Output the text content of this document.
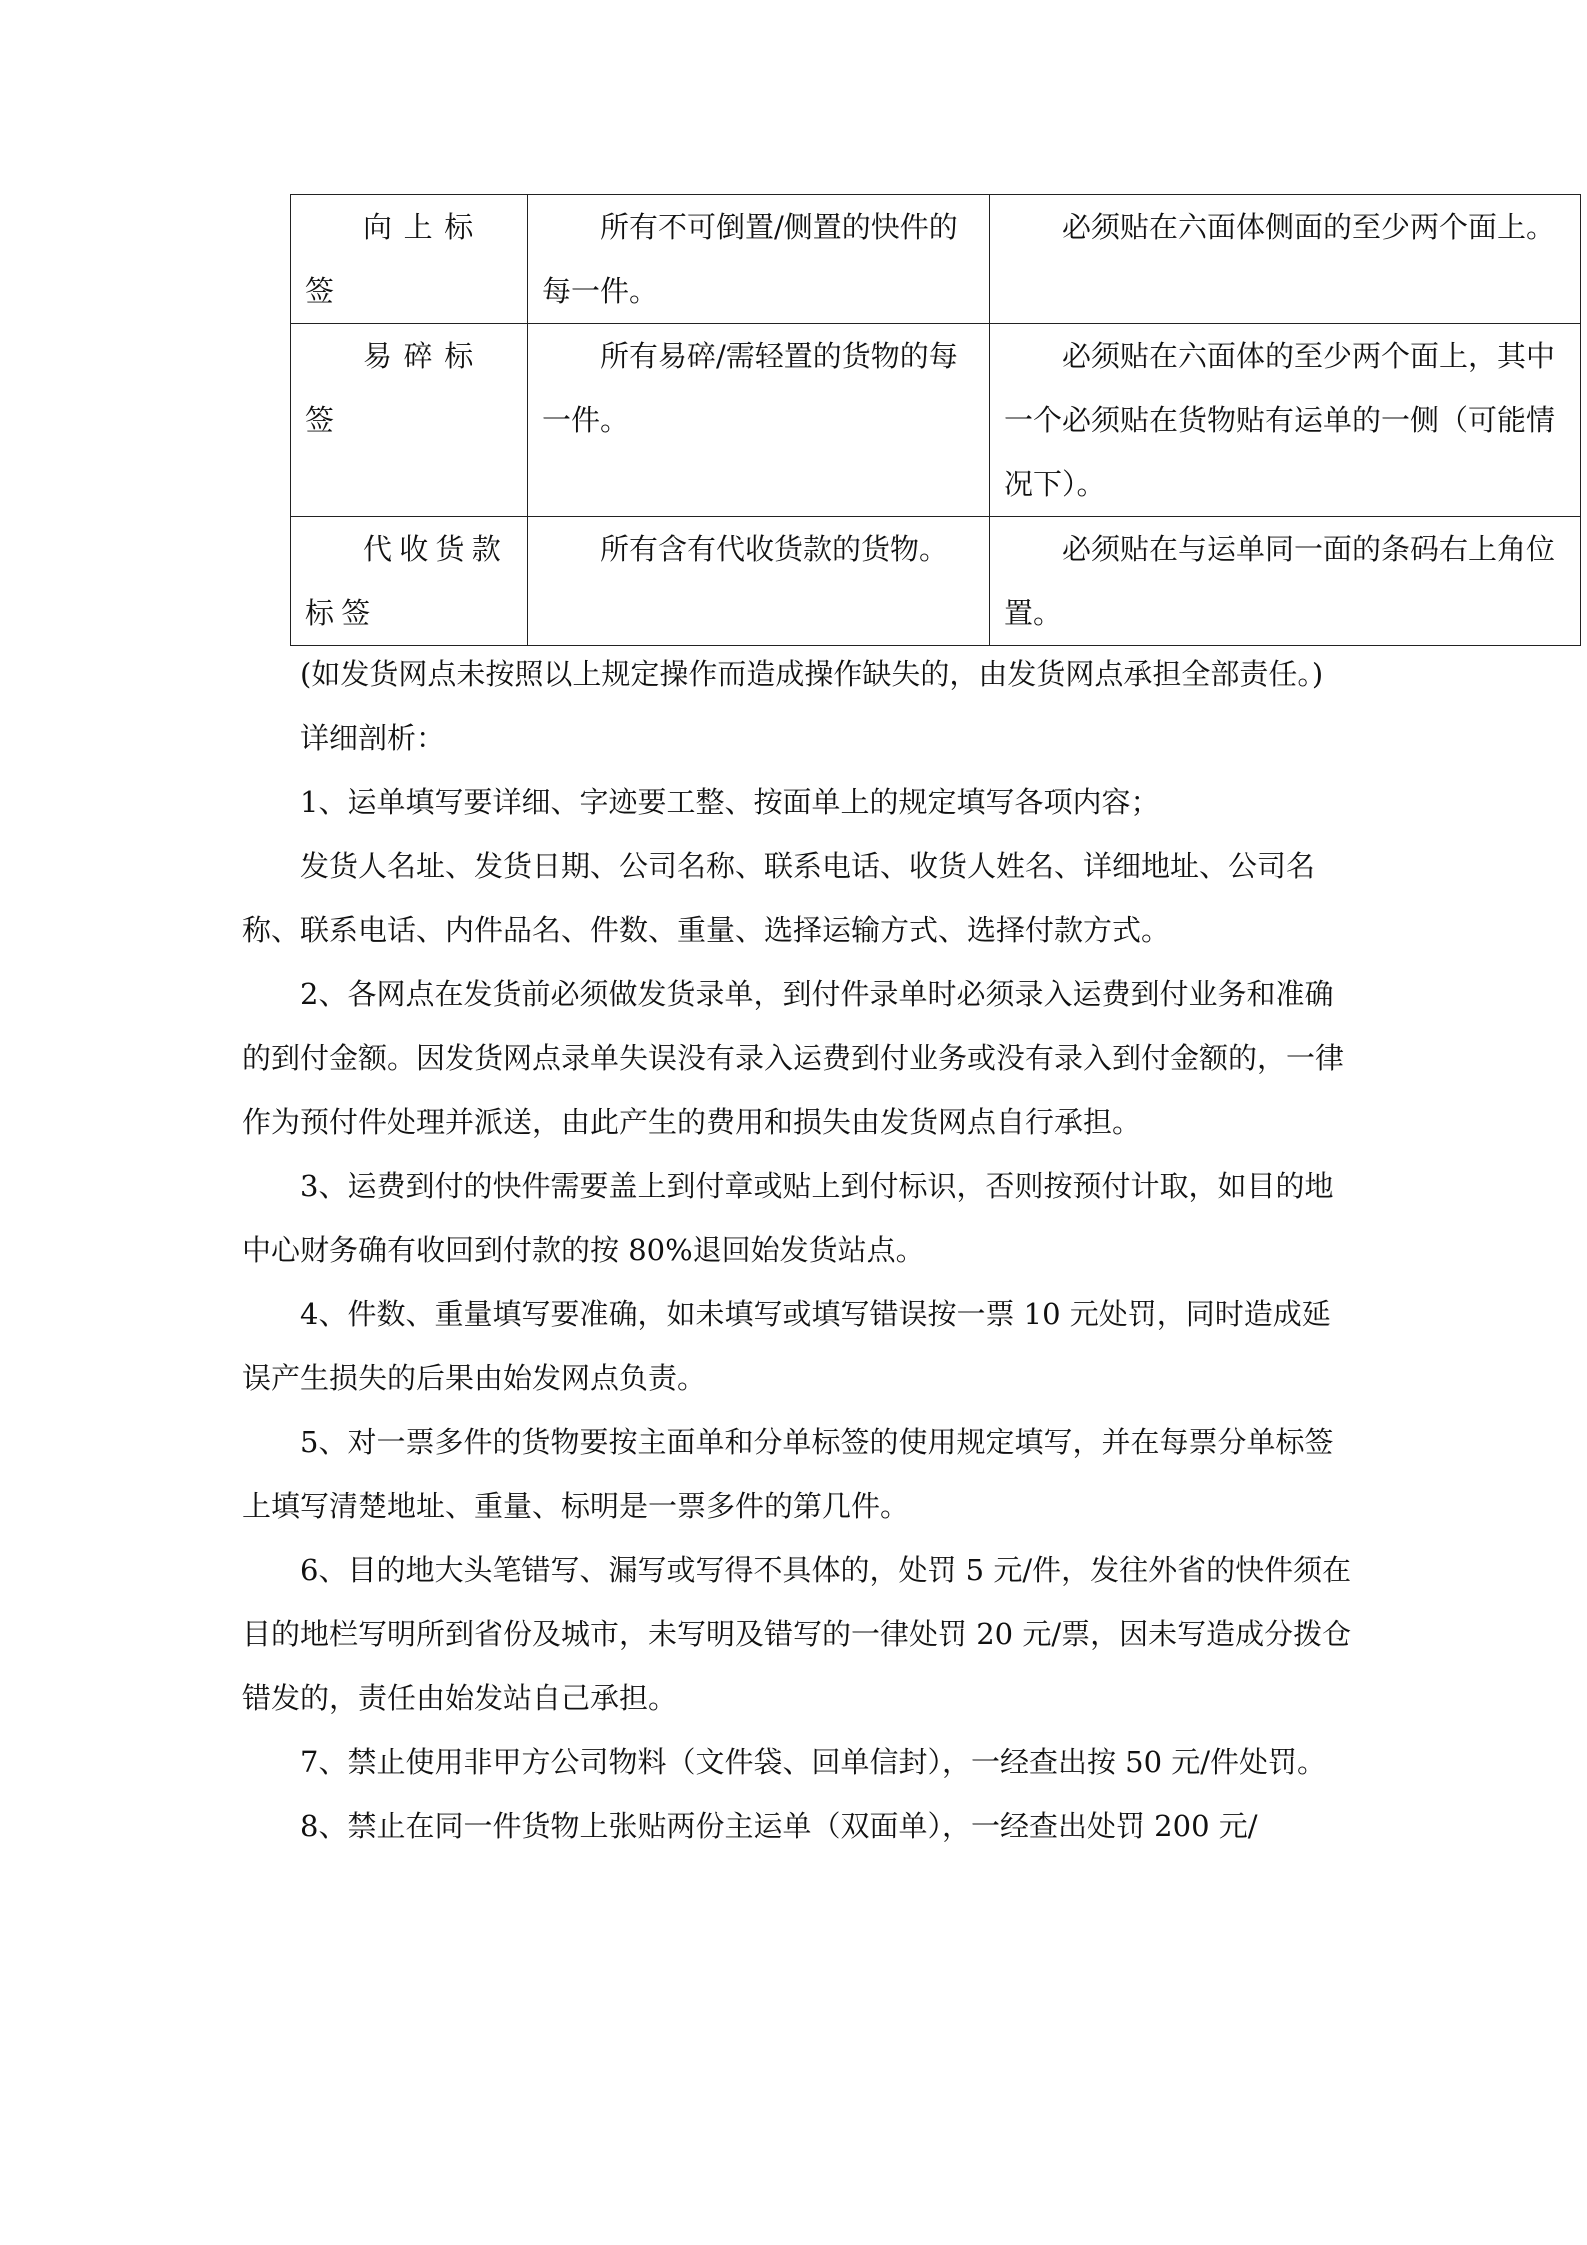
向上标签	所有不可倒置/侧置的快件的每一件。	必须贴在六面体侧面的至少两个面上。
易碎标签	所有易碎/需轻置的货物的每一件。	必须贴在六面体的至少两个面上，其中一个必须贴在货物贴有运单的一侧（可能情况下）。
代收货款标签	所有含有代收货款的货物。	必须贴在与运单同一面的条码右上角位置。

(如发货网点未按照以上规定操作而造成操作缺失的，由发货网点承担全部责任。)

详细剖析：

1、运单填写要详细、字迹要工整、按面单上的规定填写各项内容；

发货人名址、发货日期、公司名称、联系电话、收货人姓名、详细地址、公司名称、联系电话、内件品名、件数、重量、选择运输方式、选择付款方式。

2、各网点在发货前必须做发货录单，到付件录单时必须录入运费到付业务和准确的到付金额。因发货网点录单失误没有录入运费到付业务或没有录入到付金额的，一律作为预付件处理并派送，由此产生的费用和损失由发货网点自行承担。

3、运费到付的快件需要盖上到付章或贴上到付标识，否则按预付计取，如目的地中心财务确有收回到付款的按 80%退回始发货站点。

4、件数、重量填写要准确，如未填写或填写错误按一票 10 元处罚，同时造成延误产生损失的后果由始发网点负责。

5、对一票多件的货物要按主面单和分单标签的使用规定填写，并在每票分单标签上填写清楚地址、重量、标明是一票多件的第几件。

6、目的地大头笔错写、漏写或写得不具体的，处罚 5 元/件，发往外省的快件须在目的地栏写明所到省份及城市，未写明及错写的一律处罚 20 元/票，因未写造成分拨仓错发的，责任由始发站自己承担。

7、禁止使用非甲方公司物料（文件袋、回单信封），一经查出按 50 元/件处罚。

8、禁止在同一件货物上张贴两份主运单（双面单），一经查出处罚 200 元/
